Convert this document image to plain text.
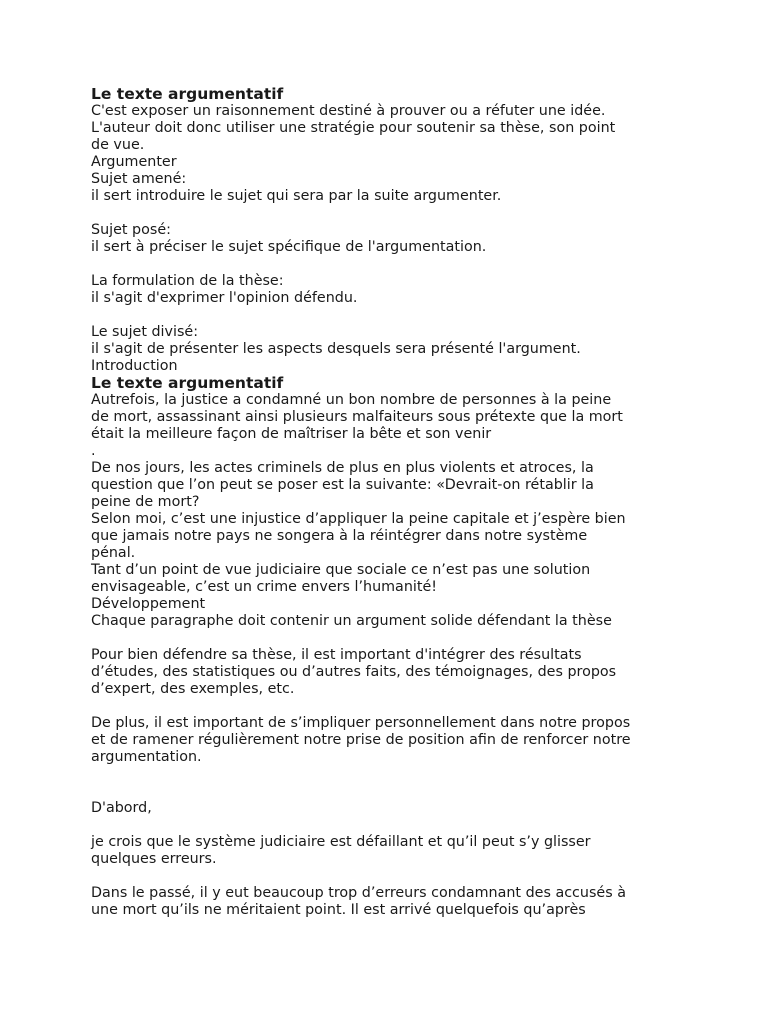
Le texte argumentatif
C'est exposer un raisonnement destiné à prouver ou a réfuter une idée.
L'auteur doit donc utiliser une stratégie pour soutenir sa thèse, son point
de vue.
Argumenter
Sujet amené:
il sert introduire le sujet qui sera par la suite argumenter.
Sujet posé:
il sert à préciser le sujet spécifique de l'argumentation.
La formulation de la thèse:
il s'agit d'exprimer l'opinion défendu.
Le sujet divisé:
il s'agit de présenter les aspects desquels sera présenté l'argument.
Introduction
Le texte argumentatif
Autrefois, la justice a condamné un bon nombre de personnes à la peine
de mort, assassinant ainsi plusieurs malfaiteurs sous prétexte que la mort
était la meilleure façon de maîtriser la bête et son venir
.
De nos jours, les actes criminels de plus en plus violents et atroces, la
question que l’on peut se poser est la suivante: «Devrait-on rétablir la
peine de mort?
Selon moi, c’est une injustice d’appliquer la peine capitale et j’espère bien
que jamais notre pays ne songera à la réintégrer dans notre système
pénal.
Tant d’un point de vue judiciaire que sociale ce n’est pas une solution
envisageable, c’est un crime envers l’humanité!
Développement
Chaque paragraphe doit contenir un argument solide défendant la thèse
Pour bien défendre sa thèse, il est important d'intégrer des résultats
d’études, des statistiques ou d’autres faits, des témoignages, des propos
d’expert, des exemples, etc.
De plus, il est important de s’impliquer personnellement dans notre propos
et de ramener régulièrement notre prise de position afin de renforcer notre
argumentation.
D'abord,
je crois que le système judiciaire est défaillant et qu’il peut s’y glisser
quelques erreurs.
Dans le passé, il y eut beaucoup trop d’erreurs condamnant des accusés à
une mort qu’ils ne méritaient point. Il est arrivé quelquefois qu’après
